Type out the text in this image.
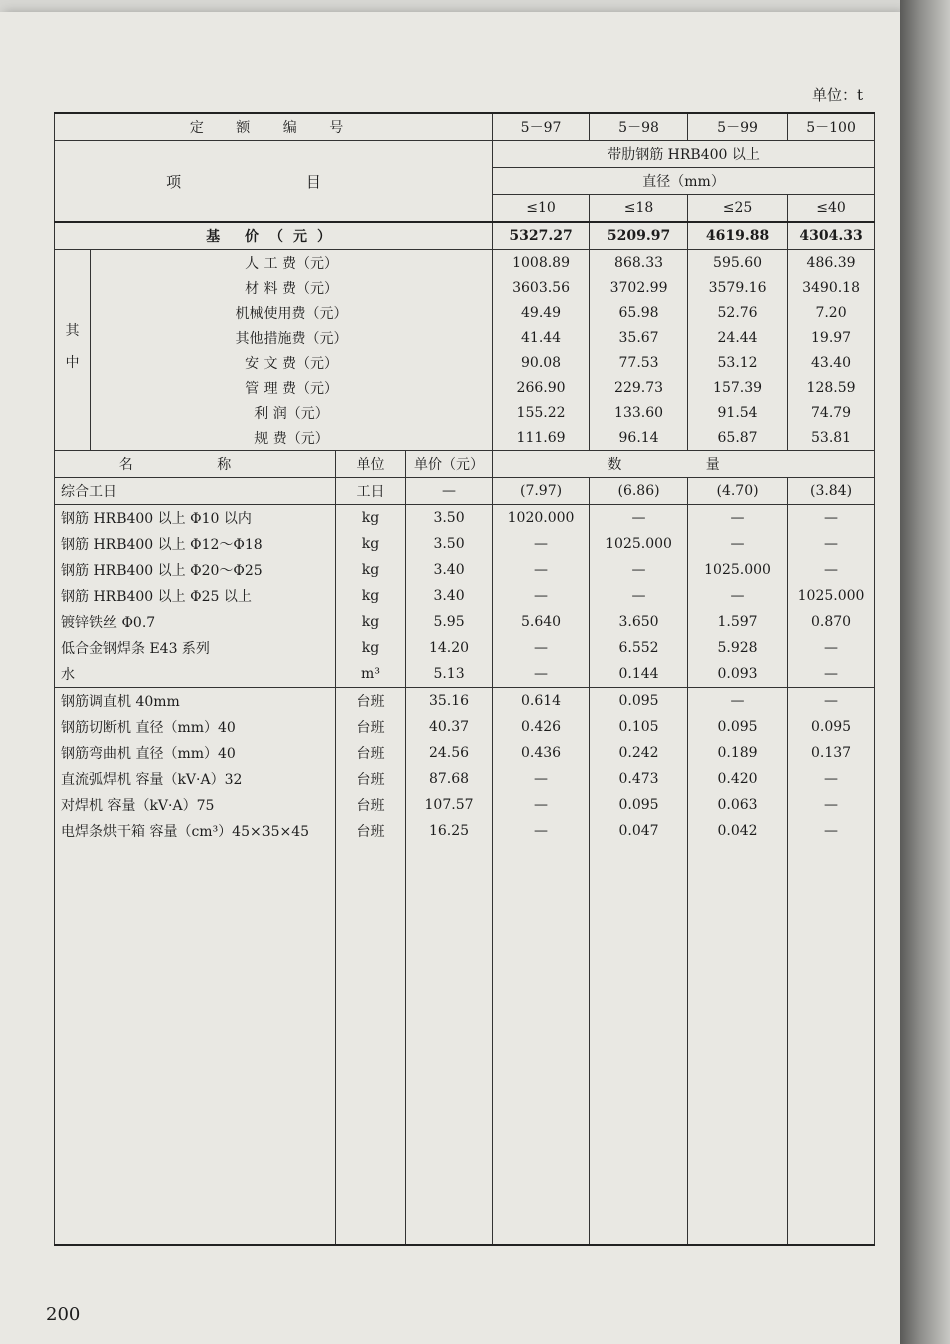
单位：t
定 额 编 号				5－97	5－98	5－99	5－100
项 目				带肋钢筋 HRB400 以上			
				直径（mm）			
				≤10	≤18	≤25	≤40
基 价（元）				5327.27	5209.97	4619.88	4304.33
其	人 工 费（元）			1008.89	868.33	595.60	486.39
	材 料 费（元）			3603.56	3702.99	3579.16	3490.18
	机械使用费（元）			49.49	65.98	52.76	7.20
	其他措施费（元）			41.44	35.67	24.44	19.97
中	安 文 费（元）			90.08	77.53	53.12	43.40
	管 理 费（元）			266.90	229.73	157.39	128.59
	利 润（元）			155.22	133.60	91.54	74.79
	规 费（元）			111.69	96.14	65.87	53.81
名 称		单位	单价（元）	数 量			
综合工日		工日	—	(7.97)	(6.86)	(4.70)	(3.84)
钢筋 HRB400 以上 Φ10 以内		kg	3.50	1020.000	—	—	—
钢筋 HRB400 以上 Φ12～Φ18		kg	3.50	—	1025.000	—	—
钢筋 HRB400 以上 Φ20～Φ25		kg	3.40	—	—	1025.000	—
钢筋 HRB400 以上 Φ25 以上		kg	3.40	—	—	—	1025.000
镀锌铁丝 Φ0.7		kg	5.95	5.640	3.650	1.597	0.870
低合金钢焊条 E43 系列		kg	14.20	—	6.552	5.928	—
水		m³	5.13	—	0.144	0.093	—
钢筋调直机 40mm		台班	35.16	0.614	0.095	—	—
钢筋切断机 直径（mm）40		台班	40.37	0.426	0.105	0.095	0.095
钢筋弯曲机 直径（mm）40		台班	24.56	0.436	0.242	0.189	0.137
直流弧焊机 容量（kV·A）32		台班	87.68	—	0.473	0.420	—
对焊机 容量（kV·A）75		台班	107.57	—	0.095	0.063	—
电焊条烘干箱 容量（cm³）45×35×45		台班	16.25	—	0.047	0.042	—

200
